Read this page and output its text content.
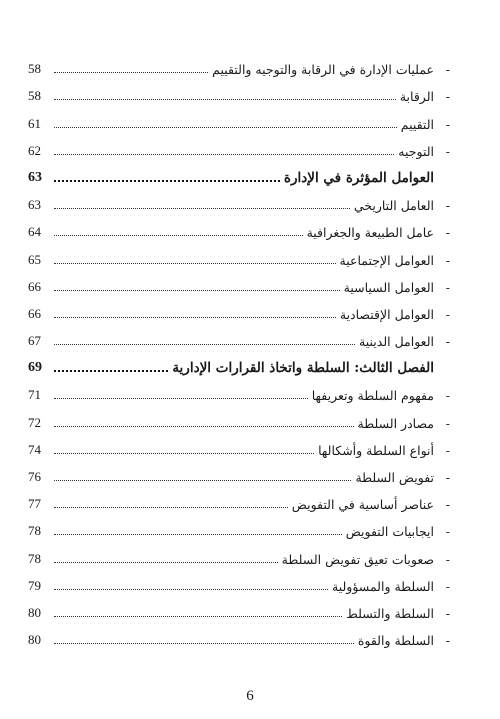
58	عمليات الإدارة في الرقابة والتوجيه والتقييم -
58	الرقابة -
61	التقييم -
62	التوجيه -
63	العوامل المؤثرة في الإدارة
63	العامل التاريخي -
64	عامل الطبيعة والجغرافية -
65	العوامل الإجتماعية -
66	العوامل السياسية -
66	العوامل الإقتصادية -
67	العوامل الدينية -
69	الفصل الثالث: السلطة واتخاذ القرارات الإدارية
71	مفهوم السلطة وتعريفها -
72	مصادر السلطة -
74	أنواع السلطة وأشكالها -
76	تفويض السلطة -
77	عناصر أساسية في التفويض -
78	ايجابيات التفويض -
78	صعوبات تعيق تفويض السلطة -
79	السلطة والمسؤولية -
80	السلطة والتسلط -
80	السلطة والقوة -
6
